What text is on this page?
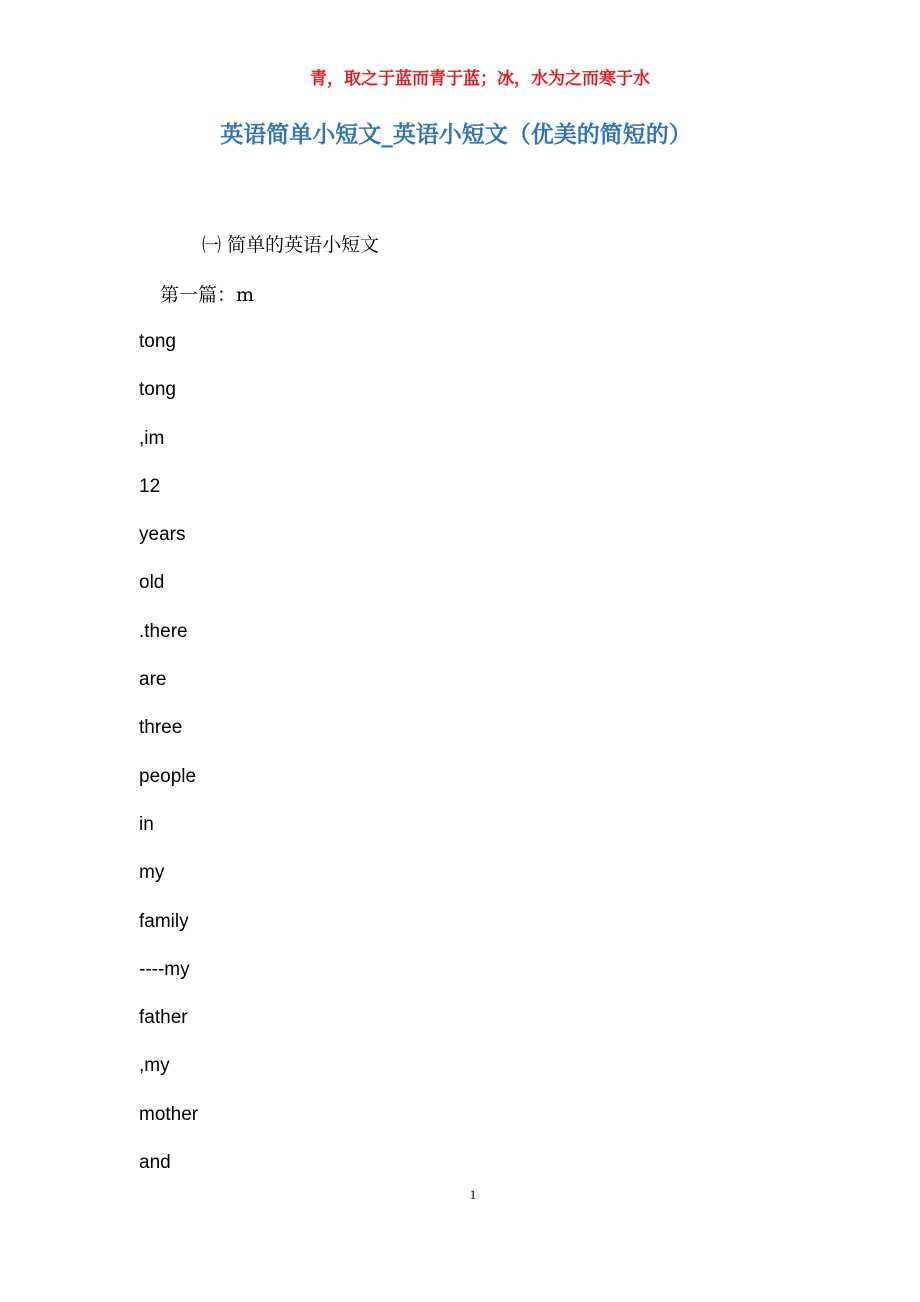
青，取之于蓝而青于蓝；冰，水为之而寒于水
英语简单小短文_英语小短文（优美的简短的）
㈠ 简单的英语小短文
第一篇：m
tong
tong
,im
12
years
old
.there
are
three
people
in
my
family
----my
father
,my
mother
and
1
